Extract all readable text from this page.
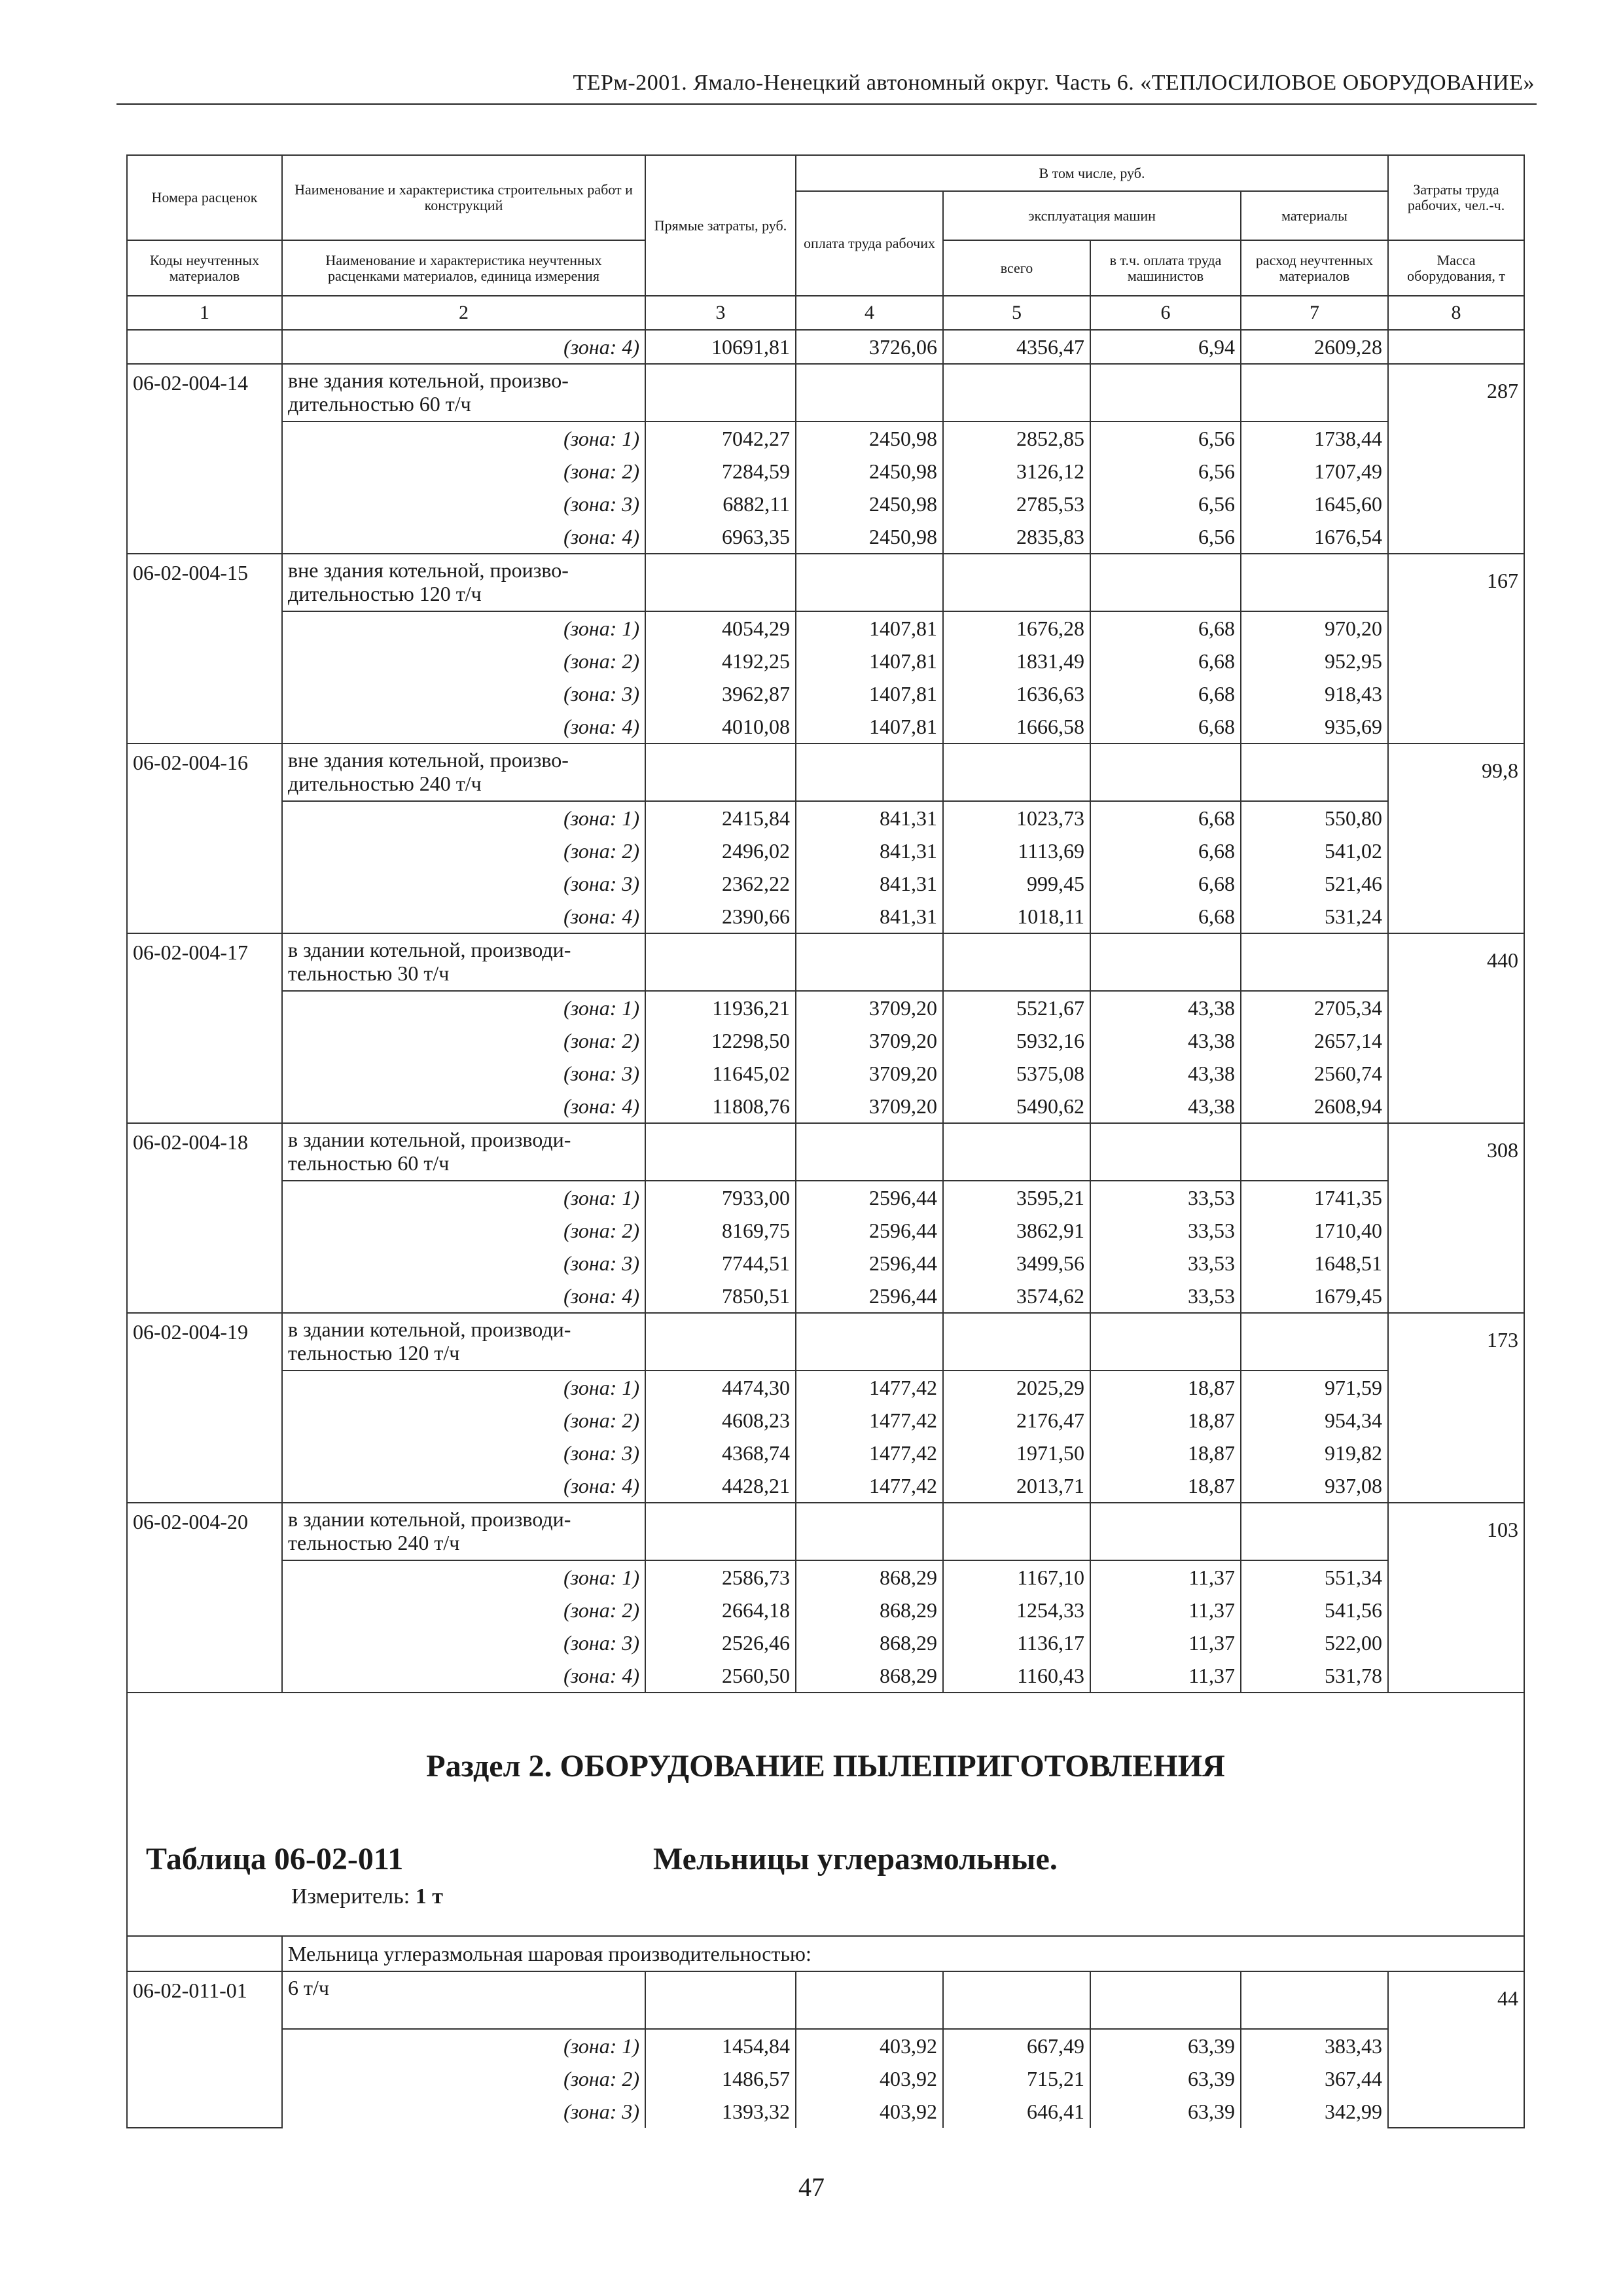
ТЕРм-2001. Ямало-Ненецкий автономный округ. Часть 6. «ТЕПЛОСИЛОВОЕ ОБОРУДОВАНИЕ»
Номера расценок	Наименование и характеристика строительных работ и конструкций	Прямые затраты, руб.	В том числе, руб.				Затраты труда рабочих, чел.-ч.
			оплата труда рабочих	эксплуатация машин		материалы	
Коды неучтенных материалов	Наименование и характеристика неучтенных расценками материалов, единица измерения			всего	в т.ч. оплата труда машинистов	расход неучтенных материалов	Масса оборудования, т
1	2	3	4	5	6	7	8
	(зона: 4)	10691,81	3726,06	4356,47	6,94	2609,28	
06-02-004-14	вне здания котельной, произво-
дительностью 60 т/ч						287
	(зона: 1)	7042,27	2450,98	2852,85	6,56	1738,44	
	(зона: 2)	7284,59	2450,98	3126,12	6,56	1707,49	
	(зона: 3)	6882,11	2450,98	2785,53	6,56	1645,60	
	(зона: 4)	6963,35	2450,98	2835,83	6,56	1676,54	
06-02-004-15	вне здания котельной, произво-
дительностью 120 т/ч						167
	(зона: 1)	4054,29	1407,81	1676,28	6,68	970,20	
	(зона: 2)	4192,25	1407,81	1831,49	6,68	952,95	
	(зона: 3)	3962,87	1407,81	1636,63	6,68	918,43	
	(зона: 4)	4010,08	1407,81	1666,58	6,68	935,69	
06-02-004-16	вне здания котельной, произво-
дительностью 240 т/ч						99,8
	(зона: 1)	2415,84	841,31	1023,73	6,68	550,80	
	(зона: 2)	2496,02	841,31	1113,69	6,68	541,02	
	(зона: 3)	2362,22	841,31	999,45	6,68	521,46	
	(зона: 4)	2390,66	841,31	1018,11	6,68	531,24	
06-02-004-17	в здании котельной, производи-
тельностью 30 т/ч						440
	(зона: 1)	11936,21	3709,20	5521,67	43,38	2705,34	
	(зона: 2)	12298,50	3709,20	5932,16	43,38	2657,14	
	(зона: 3)	11645,02	3709,20	5375,08	43,38	2560,74	
	(зона: 4)	11808,76	3709,20	5490,62	43,38	2608,94	
06-02-004-18	в здании котельной, производи-
тельностью 60 т/ч						308
	(зона: 1)	7933,00	2596,44	3595,21	33,53	1741,35	
	(зона: 2)	8169,75	2596,44	3862,91	33,53	1710,40	
	(зона: 3)	7744,51	2596,44	3499,56	33,53	1648,51	
	(зона: 4)	7850,51	2596,44	3574,62	33,53	1679,45	
06-02-004-19	в здании котельной, производи-
тельностью 120 т/ч						173
	(зона: 1)	4474,30	1477,42	2025,29	18,87	971,59	
	(зона: 2)	4608,23	1477,42	2176,47	18,87	954,34	
	(зона: 3)	4368,74	1477,42	1971,50	18,87	919,82	
	(зона: 4)	4428,21	1477,42	2013,71	18,87	937,08	
06-02-004-20	в здании котельной, производи-
тельностью 240 т/ч						103
	(зона: 1)	2586,73	868,29	1167,10	11,37	551,34	
	(зона: 2)	2664,18	868,29	1254,33	11,37	541,56	
	(зона: 3)	2526,46	868,29	1136,17	11,37	522,00	
	(зона: 4)	2560,50	868,29	1160,43	11,37	531,78	

Раздел 2. ОБОРУДОВАНИЕ ПЫЛЕПРИГОТОВЛЕНИЯ
Таблица 06-02-011 Мельницы углеразмольные.
Измеритель: 1 т							

	Мельница углеразмольная шаровая производительностью:						
06-02-011-01	6 т/ч						44
	(зона: 1)	1454,84	403,92	667,49	63,39	383,43	
	(зона: 2)	1486,57	403,92	715,21	63,39	367,44	
	(зона: 3)	1393,32	403,92	646,41	63,39	342,99	
47
